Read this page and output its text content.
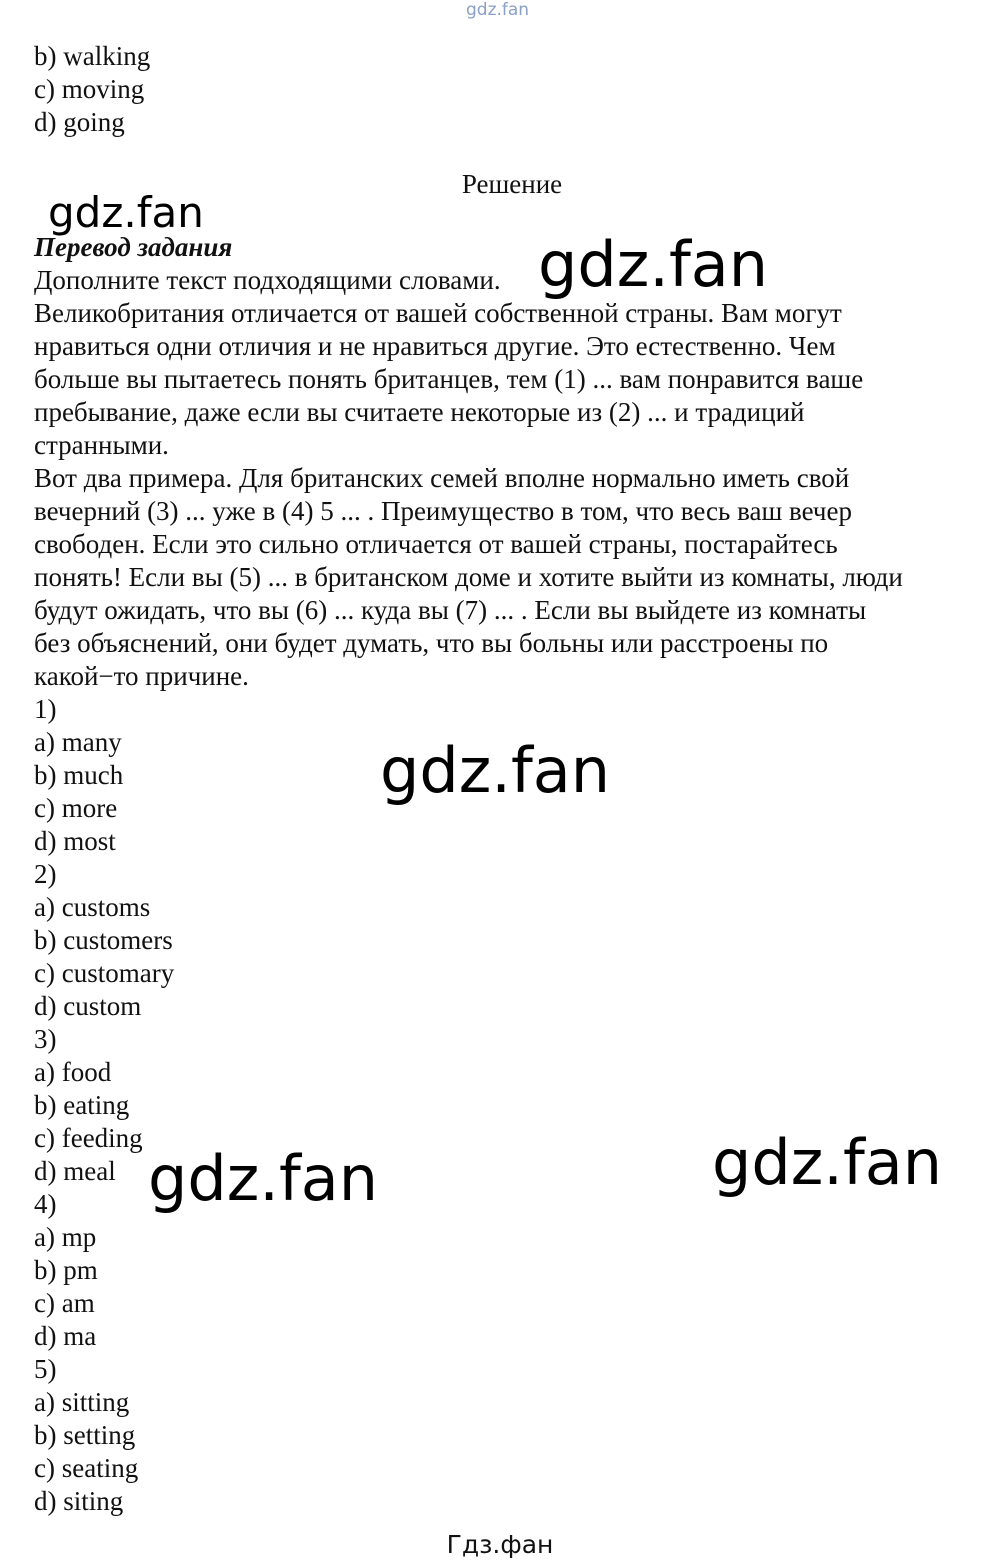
gdz.fan
b) walking
c) moving
d) going
Решение
Перевод задания
Дополните текст подходящими словами.
Великобритания отличается от вашей собственной страны. Вам могут
нравиться одни отличия и не нравиться другие. Это естественно. Чем
больше вы пытаетесь понять британцев, тем (1) ... вам понравится ваше
пребывание, даже если вы считаете некоторые из (2) ... и традиций
странными.
Вот два примера. Для британских семей вполне нормально иметь свой
вечерний (3) ... уже в (4) 5 ... . Преимущество в том, что весь ваш вечер
свободен. Если это сильно отличается от вашей страны, постарайтесь
понять! Если вы (5) ... в британском доме и хотите выйти из комнаты, люди
будут ожидать, что вы (6) ... куда вы (7) ... . Если вы выйдете из комнаты
без объяснений, они будет думать, что вы больны или расстроены по
какой−то причине.
1)
a) many
b) much
c) more
d) most
2)
a) customs
b) customers
c) customary
d) custom
3)
a) food
b) eating
c) feeding
d) meal
4)
a) mp
b) pm
c) am
d) ma
5)
a) sitting
b) setting
c) seating
d) siting
gdz.fan
gdz.fan
gdz.fan
gdz.fan	gdz.fan
Гдз.фан
